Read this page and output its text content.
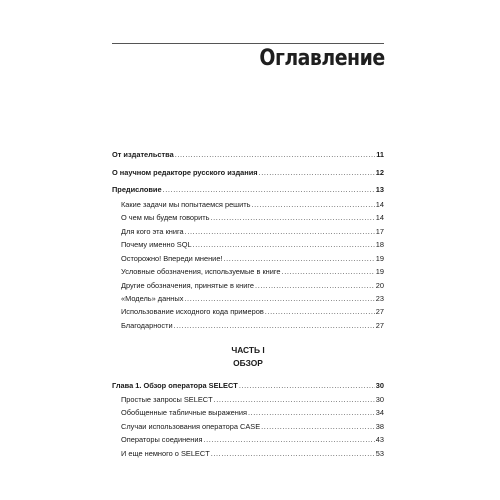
Оглавление
От издательства .....	11
О научном редакторе русского издания .....	12
Предисловие .....	13
Какие задачи мы попытаемся решить .....	14
О чем мы будем говорить .....	14
Для кого эта книга .....	17
Почему именно SQL .....	18
Осторожно! Впереди мнение! .....	19
Условные обозначения, используемые в книге .....	19
Другие обозначения, принятые в книге .....	20
«Модель» данных .....	23
Использование исходного кода примеров .....	27
Благодарности .....	27
ЧАСТЬ I
ОБЗОР
Глава 1. Обзор оператора SELECT .....	30
Простые запросы SELECT .....	30
Обобщенные табличные выражения .....	34
Случаи использования оператора CASE .....	38
Операторы соединения .....	43
И еще немного о SELECT .....	53
